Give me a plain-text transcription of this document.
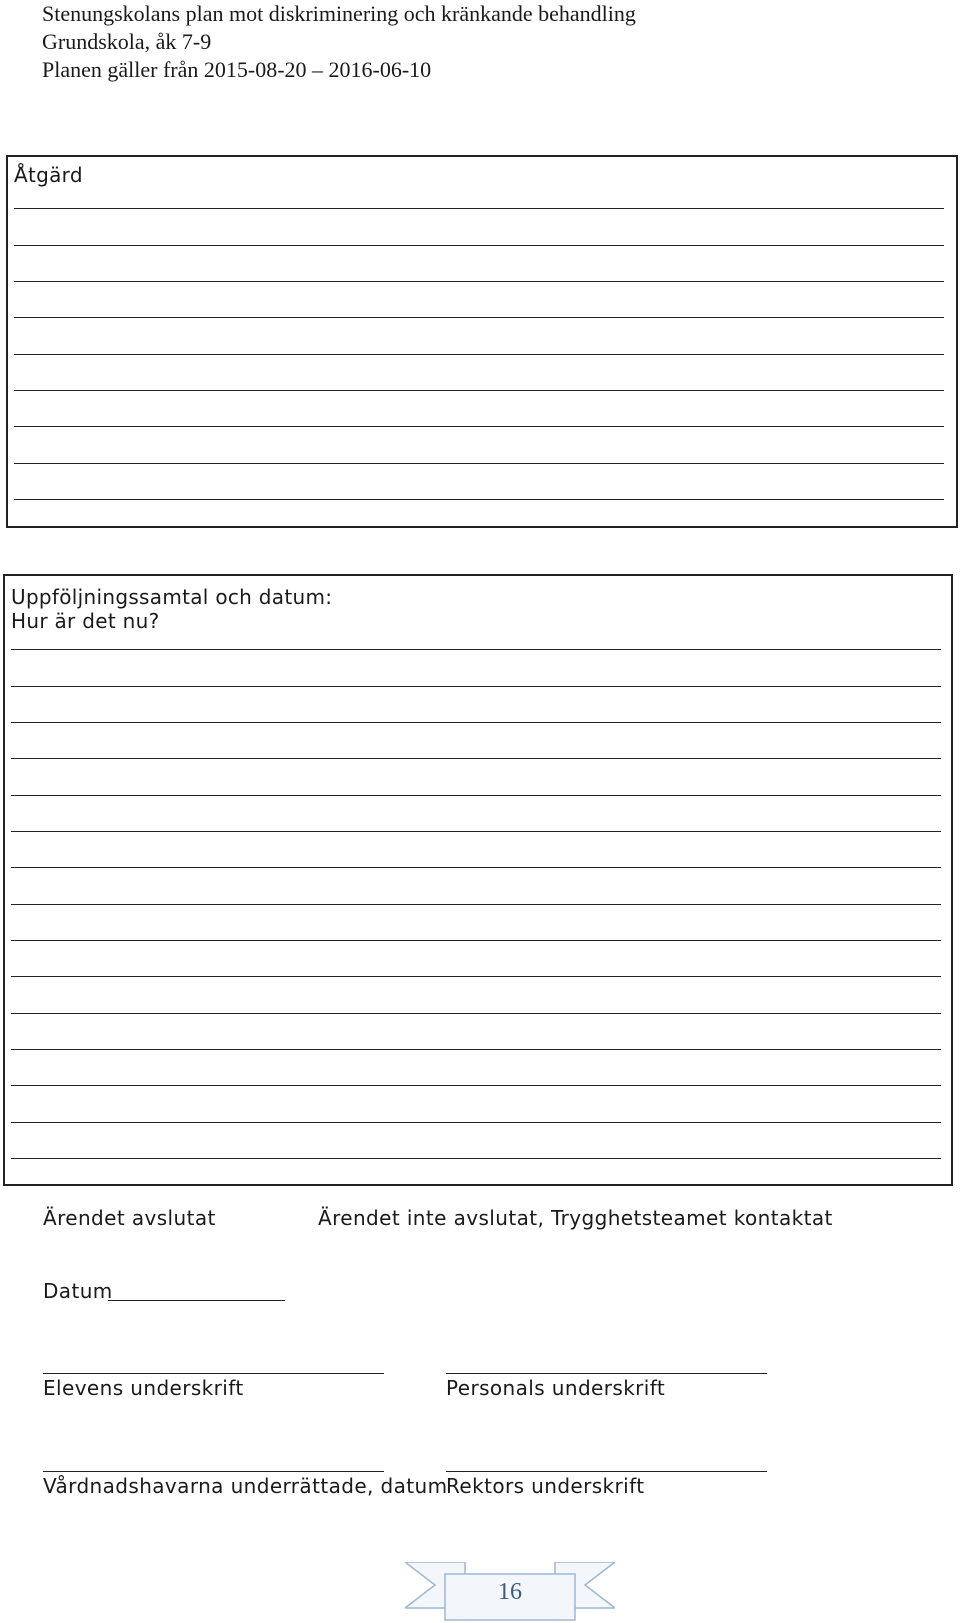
Stenungskolans plan mot diskriminering och kränkande behandling
Grundskola, åk 7-9
Planen gäller från 2015-08-20 – 2016-06-10
Åtgärd
Uppföljningssamtal och datum:
Hur är det nu?
Ärendet avslutat	Ärendet inte avslutat, Trygghetsteamet kontaktat
Datum
Elevens underskrift	Personals underskrift
Vårdnadshavarna underrättade, datum
Rektors underskrift
16
